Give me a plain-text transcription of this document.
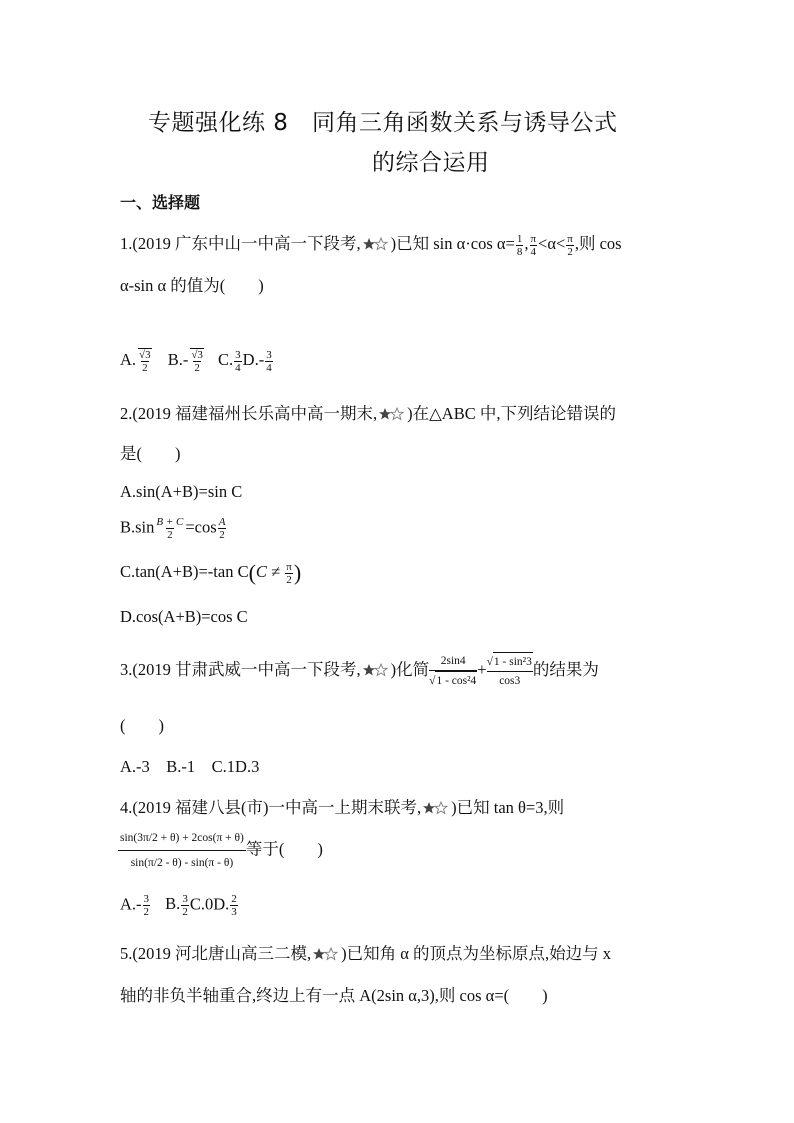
专题强化练 8　同角三角函数关系与诱导公式
的综合运用
一、选择题
1.(2019 广东中山一中高一下段考, )已知 sin α·cos $\alpha= \frac{1}{8}$ , $\frac{\pi}{4} <\alpha< \frac{\pi}{2}$ ,则 cos
α-sin α 的值为(　　)
A. $\frac{√3}{2} B.- \frac{√3}{2} C$. $\frac{3}{4} D.- \frac{3}{4}$
2.(2019 福建福州长乐高中高一期末, )在△ABC 中,下列结论错误的
是(　　)
A.sin(A+B)=sin C
$B.\sin \frac{B + C}{2} =\cos \frac{A}{2}$
C.tan(A+B)=-tan $C(C \ne \frac{\pi}{2}$ )
D.cos(A+B)=cos C
3.(2019 甘肃武威一中高一下段考, )化简 $\frac{2\sin 4}{\text{√1 - cos²4}} + \frac{\text{√1 - sin²3}}{\cos 3}$ 的结果为
(　　)
A.-3　B.-1　C.1D.3
4.(2019 福建八县(市)一中高一上期末联考, )已知 tan θ=3,则
$\frac{\sin(3\pi/2 + \theta) + 2\cos(\pi + \theta)}{\sin(\pi/2 - \theta) - \sin(\pi - \theta)}$ 等于(　　)
$A.- \frac{3}{2} B$. $\frac{3}{2} C.0D$. $\frac{2}{3}$
5.(2019 河北唐山高三二模, )已知角 α 的顶点为坐标原点,始边与 x
轴的非负半轴重合,终边上有一点 A(2sin α,3),则 cos α=(　　)
